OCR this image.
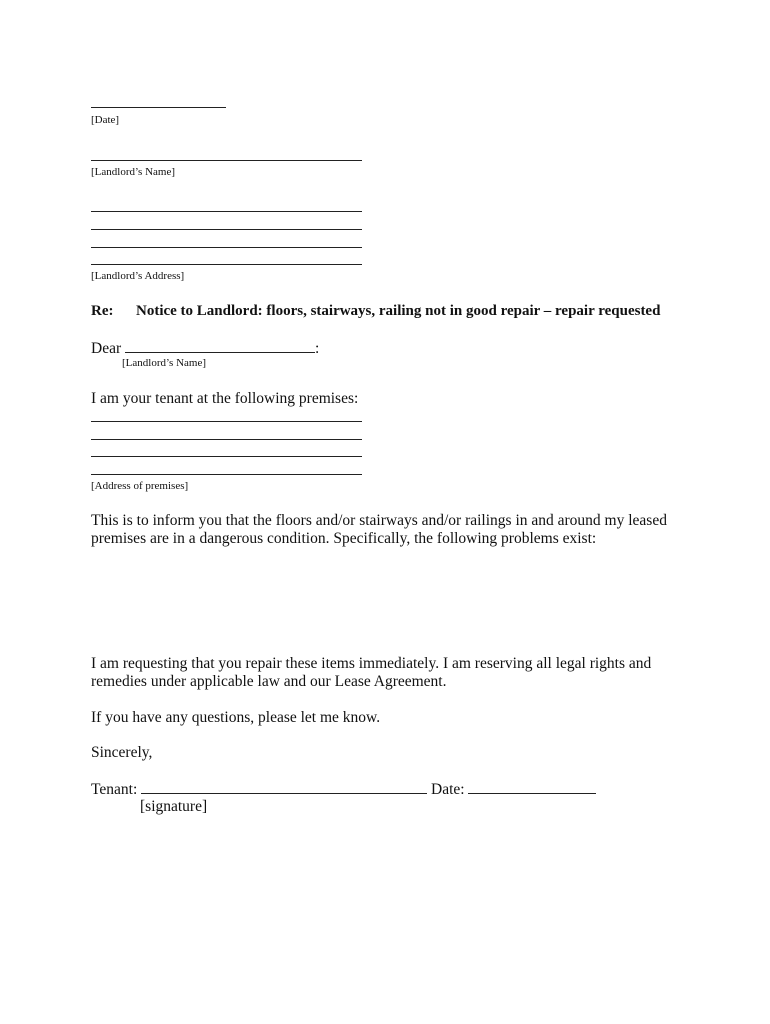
[Date]
[Landlord’s Name]
[Landlord’s Address]
Re: Notice to Landlord: floors, stairways, railing not in good repair – repair requested
Dear	:
[Landlord’s Name]
I am your tenant at the following premises:
[Address of premises]
This is to inform you that the floors and/or stairways and/or railings in and around my leased
premises are in a dangerous condition. Specifically, the following problems exist:
I am requesting that you repair these items immediately. I am reserving all legal rights and
remedies under applicable law and our Lease Agreement.
If you have any questions, please let me know.
Sincerely,
Tenant:	Date:
[signature]
